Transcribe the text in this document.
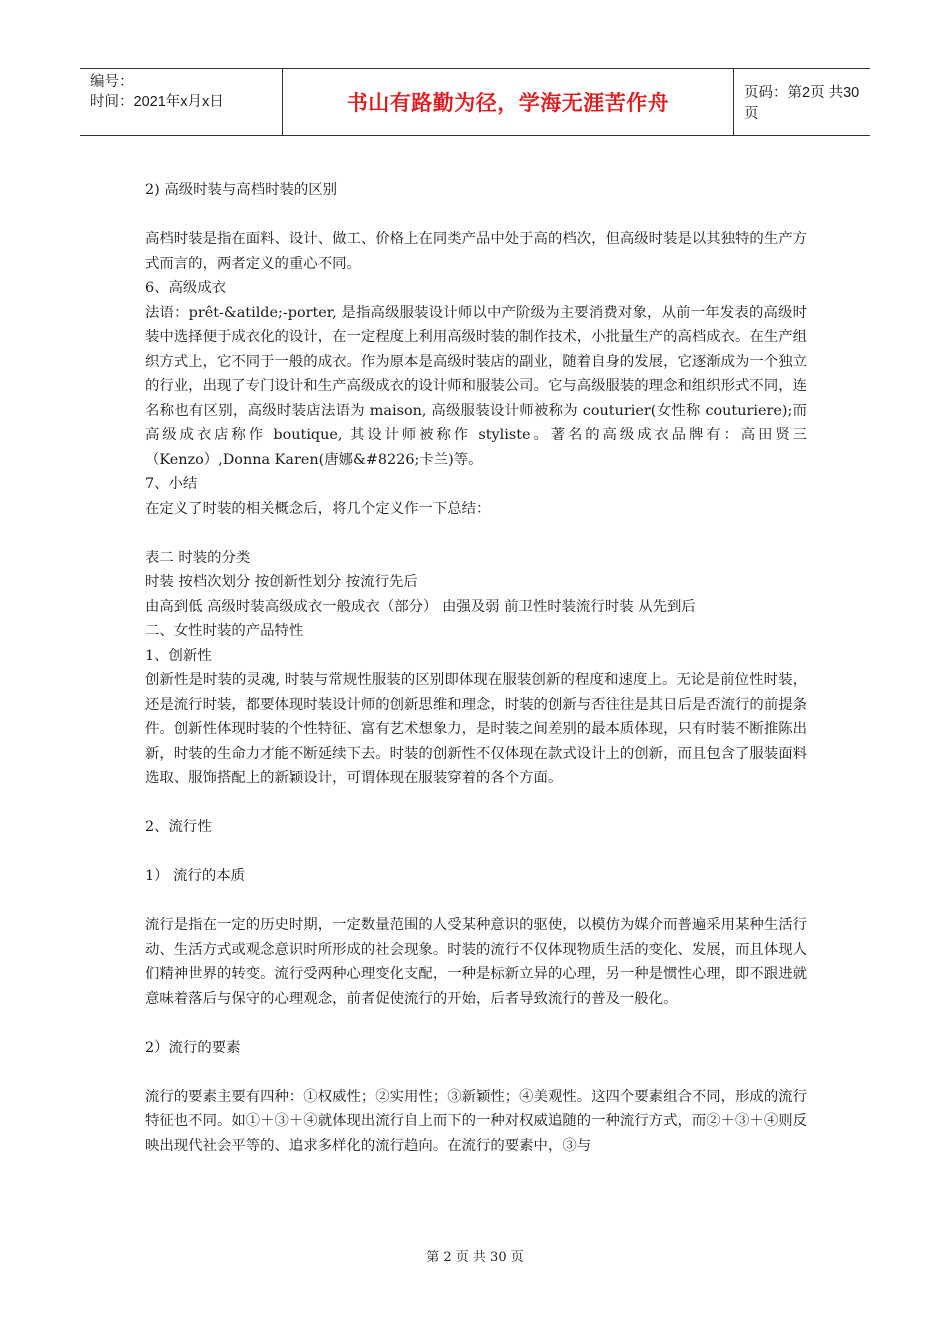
编号：
时间：2021年x月x日	书山有路勤为径，学海无涯苦作舟	页码：第2页 共30页

2) 高级时装与高档时装的区别

高档时装是指在面料、设计、做工、价格上在同类产品中处于高的档次，但高级时装是以其独特的生产方式而言的，两者定义的重心不同。

6、高级成衣

法语：prêt-&atilde;-porter, 是指高级服装设计师以中产阶级为主要消费对象，从前一年发表的高级时装中选择便于成衣化的设计，在一定程度上利用高级时装的制作技术，小批量生产的高档成衣。在生产组织方式上，它不同于一般的成衣。作为原本是高级时装店的副业，随着自身的发展，它逐渐成为一个独立的行业，出现了专门设计和生产高级成衣的设计师和服装公司。它与高级服装的理念和组织形式不同，连名称也有区别，高级时装店法语为 maison, 高级服装设计师被称为 couturier(女性称 couturiere);而高级成衣店称作 boutique, 其设计师被称作 styliste。著名的高级成衣品牌有：高田贤三（Kenzo）,Donna Karen(唐娜&#8226;卡兰)等。

7、小结

在定义了时装的相关概念后，将几个定义作一下总结：

表二 时装的分类

时装 按档次划分 按创新性划分 按流行先后

由高到低 高级时装高级成衣一般成衣（部分） 由强及弱 前卫性时装流行时装 从先到后

二、女性时装的产品特性

1、创新性

创新性是时装的灵魂, 时装与常规性服装的区别即体现在服装创新的程度和速度上。无论是前位性时装，还是流行时装，都要体现时装设计师的创新思维和理念，时装的创新与否往往是其日后是否流行的前提条件。创新性体现时装的个性特征、富有艺术想象力，是时装之间差别的最本质体现，只有时装不断推陈出新，时装的生命力才能不断延续下去。时装的创新性不仅体现在款式设计上的创新，而且包含了服装面料选取、服饰搭配上的新颖设计，可谓体现在服装穿着的各个方面。

2、流行性

1） 流行的本质

流行是指在一定的历史时期，一定数量范围的人受某种意识的驱使，以模仿为媒介而普遍采用某种生活行动、生活方式或观念意识时所形成的社会现象。时装的流行不仅体现物质生活的变化、发展，而且体现人们精神世界的转变。流行受两种心理变化支配，一种是标新立异的心理，另一种是惯性心理，即不跟进就意味着落后与保守的心理观念，前者促使流行的开始，后者导致流行的普及一般化。

2）流行的要素

流行的要素主要有四种：①权威性；②实用性；③新颖性；④美观性。这四个要素组合不同，形成的流行特征也不同。如①＋③＋④就体现出流行自上而下的一种对权威追随的一种流行方式，而②＋③＋④则反映出现代社会平等的、追求多样化的流行趋向。在流行的要素中，③与

第 2 页 共 30 页
